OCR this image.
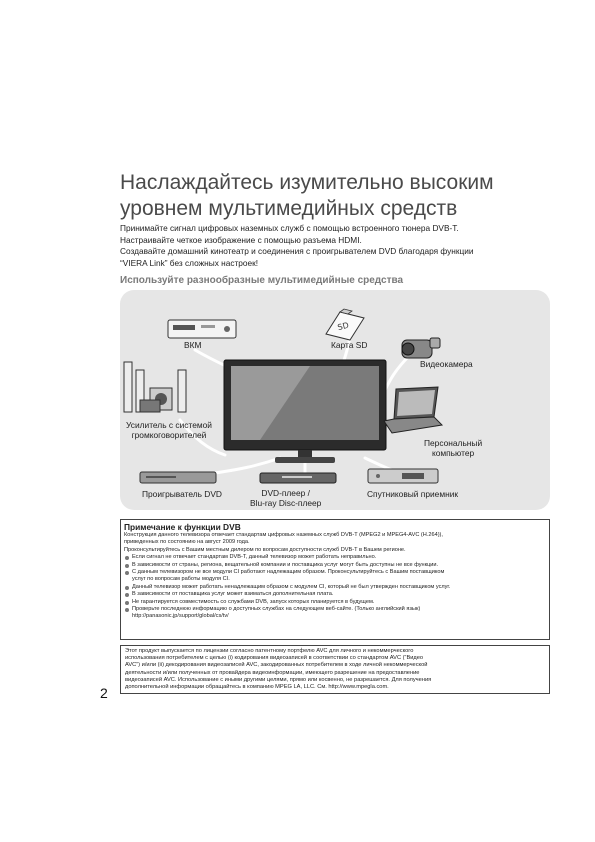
Наслаждайтесь изумительно высоким
уровнем мультимедийных средств
Принимайте сигнал цифровых наземных служб с помощью встроенного тюнера DVB-T.
Настраивайте четкое изображение с помощью разъема HDMI.
Создавайте домашний кинотеатр и соединения с проигрывателем DVD благодаря функции
“VIERA Link” без сложных настроек!
Используйте разнообразные мультимедийные средства
ВКМ
SD
Карта SD
Видеокамера
Усилитель с системой
громкоговорителей
Персональный
компьютер
Проигрыватель DVD	DVD-плеер /
Blu-ray Disc-плеер
Спутниковый приемник
Примечание к функции DVB
Конструкция данного телевизора отвечает стандартам цифровых наземных служб DVB-T (MPEG2 и MPEG4-AVC (H.264)),
приведенных по состоянию на август 2009 года.
Проконсультируйтесь с Вашим местным дилером по вопросам доступности служб DVB-T в Вашем регионе.
Если сигнал не отвечает стандартам DVB-T, данный телевизор может работать неправильно.
В зависимости от страны, региона, вещательной компании и поставщика услуг могут быть доступны не все функции.
С данным телевизором не все модули CI работают надлежащим образом. Проконсультируйтесь с Вашим поставщиком
услуг по вопросам работы модуля CI.
Данный телевизор может работать ненадлежащим образом с модулем CI, который не был утвержден поставщиком услуг.
В зависимости от поставщика услуг может взиматься дополнительная плата.
Не гарантируется совместимость со службами DVB, запуск которых планируется в будущем.
Проверьте последнюю информацию о доступных службах на следующем веб-сайте. (Только английский язык)
http://panasonic.jp/support/global/cs/tv/
Этот продукт выпускается по лицензии согласно патентному портфелю AVC для личного и некоммерческого
использования потребителем с целью (i) кодирования видеозаписей в соответствии со стандартом AVC (“Видео
AVC”) и/или (ii) декодирования видеозаписей AVC, закодированных потребителем в ходе личной некоммерческой
деятельности и/или полученных от провайдера видеоинформации, имеющего разрешение на предоставление
видеозаписей AVC. Использование с иными другими целями, прямо или косвенно, не разрешается. Для получения
дополнительной информации обращайтесь в компанию MPEG LA, LLC. См. http://www.mpegla.com.
2
